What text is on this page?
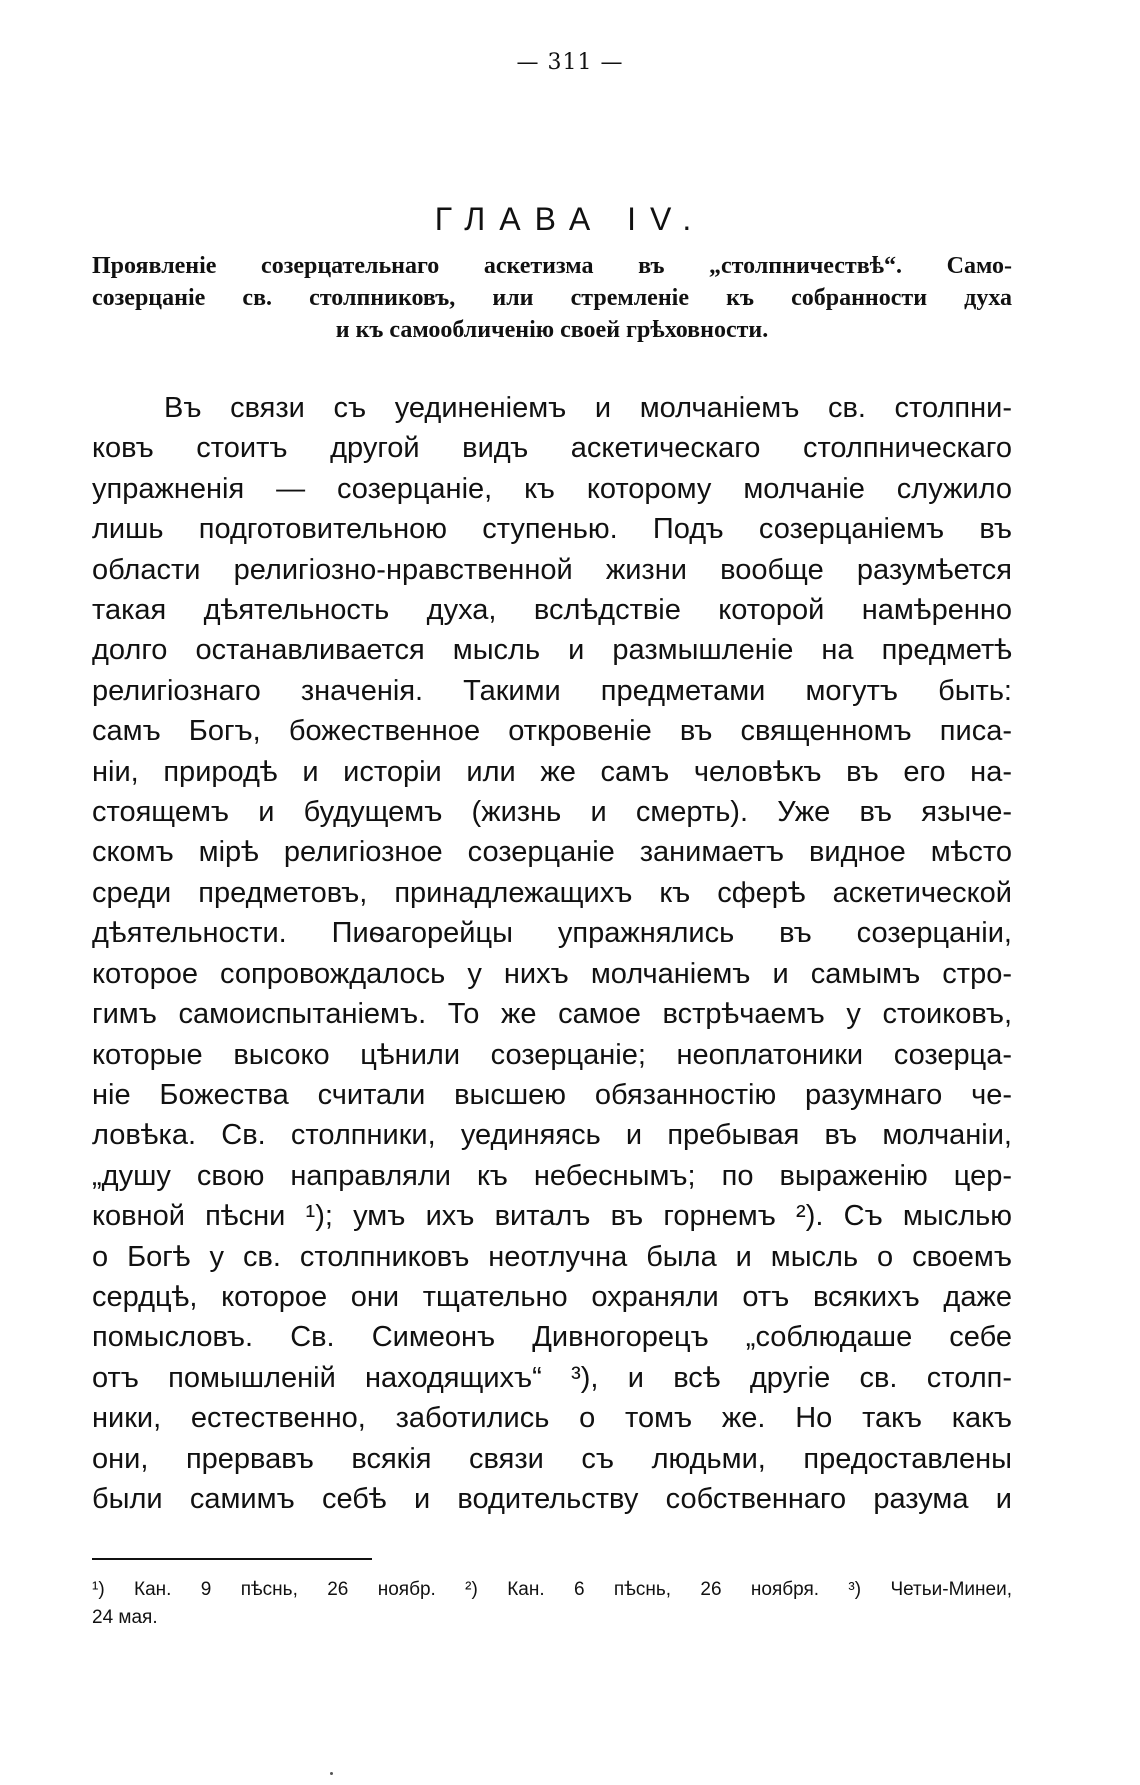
— 311 —
ГЛАВА IV.
Проявленіе созерцательнаго аскетизма въ „столпничествѣ“. Само-
созерцаніе св. столпниковъ, или стремленіе къ собранности духа
и къ самообличенію своей грѣховности.
Въ связи съ уединеніемъ и молчаніемъ св. столпни-
ковъ стоитъ другой видъ аскетическаго столпническаго
упражненія — созерцаніе, къ которому молчаніе служило
лишь подготовительною ступенью. Подъ созерцаніемъ въ
области религіозно-нравственной жизни вообще разумѣется
такая дѣятельность духа, вслѣдствіе которой намѣренно
долго останавливается мысль и размышленіе на предметѣ
религіознаго значенія. Такими предметами могутъ быть:
самъ Богъ, божественное откровеніе въ священномъ писа-
ніи, природѣ и исторіи или же самъ человѣкъ въ его на-
стоящемъ и будущемъ (жизнь и смерть). Уже въ языче-
скомъ мірѣ религіозное созерцаніе занимаетъ видное мѣсто
среди предметовъ, принадлежащихъ къ сферѣ аскетической
дѣятельности. Пиѳагорейцы упражнялись въ созерцаніи,
которое сопровождалось у нихъ молчаніемъ и самымъ стро-
гимъ самоиспытаніемъ. То же самое встрѣчаемъ у стоиковъ,
которые высоко цѣнили созерцаніе; неоплатоники созерца-
ніе Божества считали высшею обязанностію разумнаго че-
ловѣка. Св. столпники, уединяясь и пребывая въ молчаніи,
„душу свою направляли къ небеснымъ; по выраженію цер-
ковной пѣсни ¹); умъ ихъ виталъ въ горнемъ ²). Съ мыслью
о Богѣ у св. столпниковъ неотлучна была и мысль о своемъ
сердцѣ, которое они тщательно охраняли отъ всякихъ даже
помысловъ. Св. Симеонъ Дивногорецъ „соблюдаше себе
отъ помышленій находящихъ“ ³), и всѣ другіе св. столп-
ники, естественно, заботились о томъ же. Но такъ какъ
они, прервавъ всякія связи съ людьми, предоставлены
были самимъ себѣ и водительству собственнаго разума и
¹) Кан. 9 пѣснь, 26 ноябр. ²) Кан. 6 пѣснь, 26 ноября. ³) Четьи-Минеи,
24 мая.
